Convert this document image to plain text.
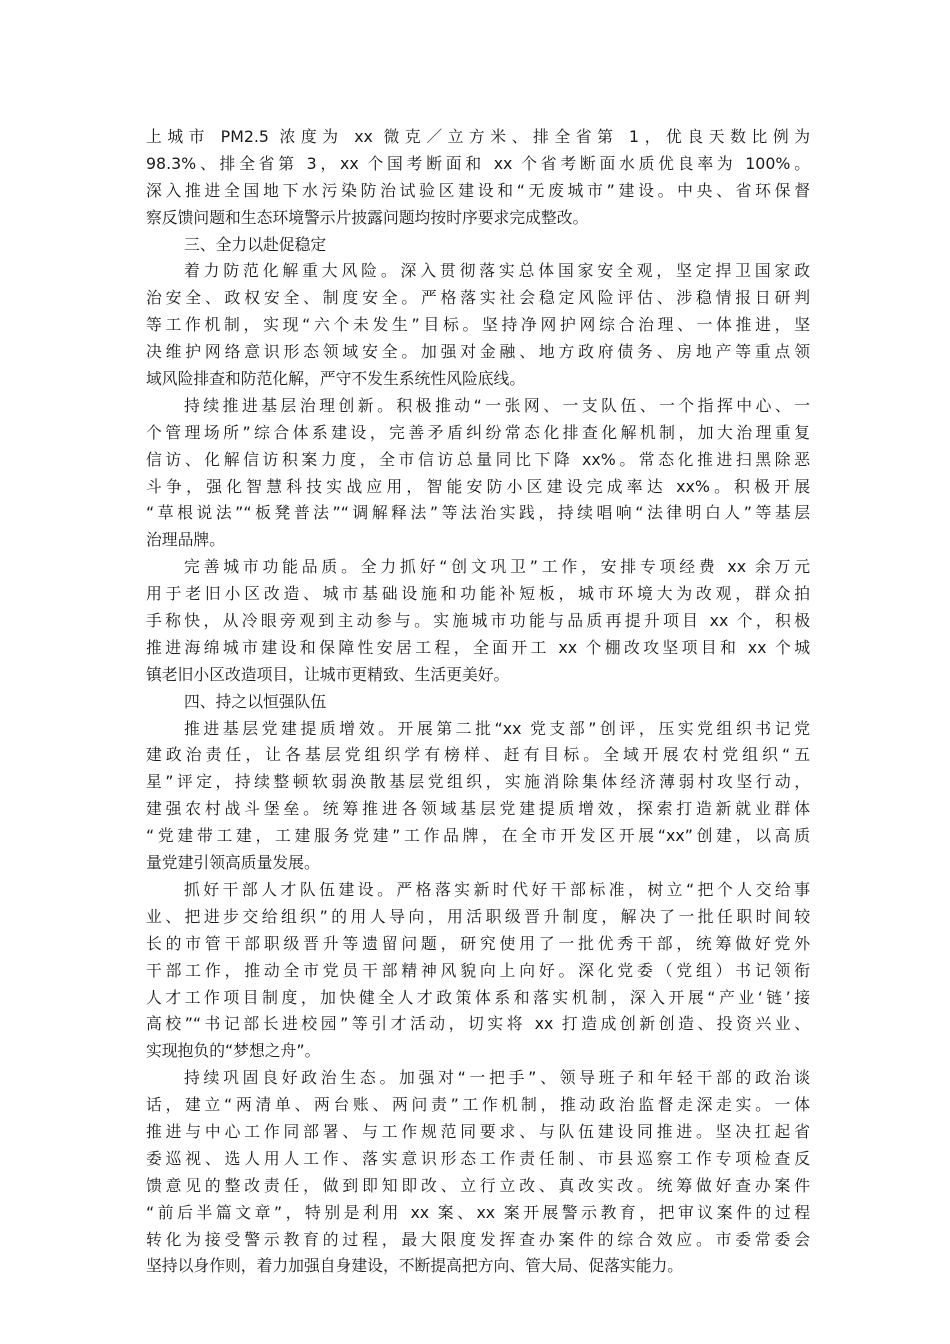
上城市 PM2.5 浓度为 xx 微克／立方米、排全省第 1，优良天数比例为
98.3%、排全省第 3，xx 个国考断面和 xx 个省考断面水质优良率为 100%。
深入推进全国地下水污染防治试验区建设和“无废城市”建设。中央、省环保督
察反馈问题和生态环境警示片披露问题均按时序要求完成整改。
三、全力以赴促稳定
着力防范化解重大风险。深入贯彻落实总体国家安全观，坚定捍卫国家政
治安全、政权安全、制度安全。严格落实社会稳定风险评估、涉稳情报日研判
等工作机制，实现“六个未发生”目标。坚持净网护网综合治理、一体推进，坚
决维护网络意识形态领域安全。加强对金融、地方政府债务、房地产等重点领
域风险排查和防范化解，严守不发生系统性风险底线。
持续推进基层治理创新。积极推动“一张网、一支队伍、一个指挥中心、一
个管理场所”综合体系建设，完善矛盾纠纷常态化排查化解机制，加大治理重复
信访、化解信访积案力度，全市信访总量同比下降 xx%。常态化推进扫黑除恶
斗争，强化智慧科技实战应用，智能安防小区建设完成率达 xx%。积极开展
“草根说法”“板凳普法”“调解释法”等法治实践，持续唱响“法律明白人”等基层
治理品牌。
完善城市功能品质。全力抓好“创文巩卫”工作，安排专项经费 xx 余万元
用于老旧小区改造、城市基础设施和功能补短板，城市环境大为改观，群众拍
手称快，从冷眼旁观到主动参与。实施城市功能与品质再提升项目 xx 个，积极
推进海绵城市建设和保障性安居工程，全面开工 xx 个棚改攻坚项目和 xx 个城
镇老旧小区改造项目，让城市更精致、生活更美好。
四、持之以恒强队伍
推进基层党建提质增效。开展第二批“xx 党支部”创评，压实党组织书记党
建政治责任，让各基层党组织学有榜样、赶有目标。全域开展农村党组织“五
星”评定，持续整顿软弱涣散基层党组织，实施消除集体经济薄弱村攻坚行动，
建强农村战斗堡垒。统筹推进各领域基层党建提质增效，探索打造新就业群体
“党建带工建，工建服务党建”工作品牌，在全市开发区开展“xx”创建，以高质
量党建引领高质量发展。
抓好干部人才队伍建设。严格落实新时代好干部标准，树立“把个人交给事
业、把进步交给组织”的用人导向，用活职级晋升制度，解决了一批任职时间较
长的市管干部职级晋升等遗留问题，研究使用了一批优秀干部，统筹做好党外
干部工作，推动全市党员干部精神风貌向上向好。深化党委（党组）书记领衔
人才工作项目制度，加快健全人才政策体系和落实机制，深入开展“产业‘链’接
高校”“书记部长进校园”等引才活动，切实将 xx 打造成创新创造、投资兴业、
实现抱负的“梦想之舟”。
持续巩固良好政治生态。加强对“一把手”、领导班子和年轻干部的政治谈
话，建立“两清单、两台账、两问责”工作机制，推动政治监督走深走实。一体
推进与中心工作同部署、与工作规范同要求、与队伍建设同推进。坚决扛起省
委巡视、选人用人工作、落实意识形态工作责任制、市县巡察工作专项检查反
馈意见的整改责任，做到即知即改、立行立改、真改实改。统筹做好查办案件
“前后半篇文章”，特别是利用 xx 案、xx 案开展警示教育，把审议案件的过程
转化为接受警示教育的过程，最大限度发挥查办案件的综合效应。市委常委会
坚持以身作则，着力加强自身建设，不断提高把方向、管大局、促落实能力。
